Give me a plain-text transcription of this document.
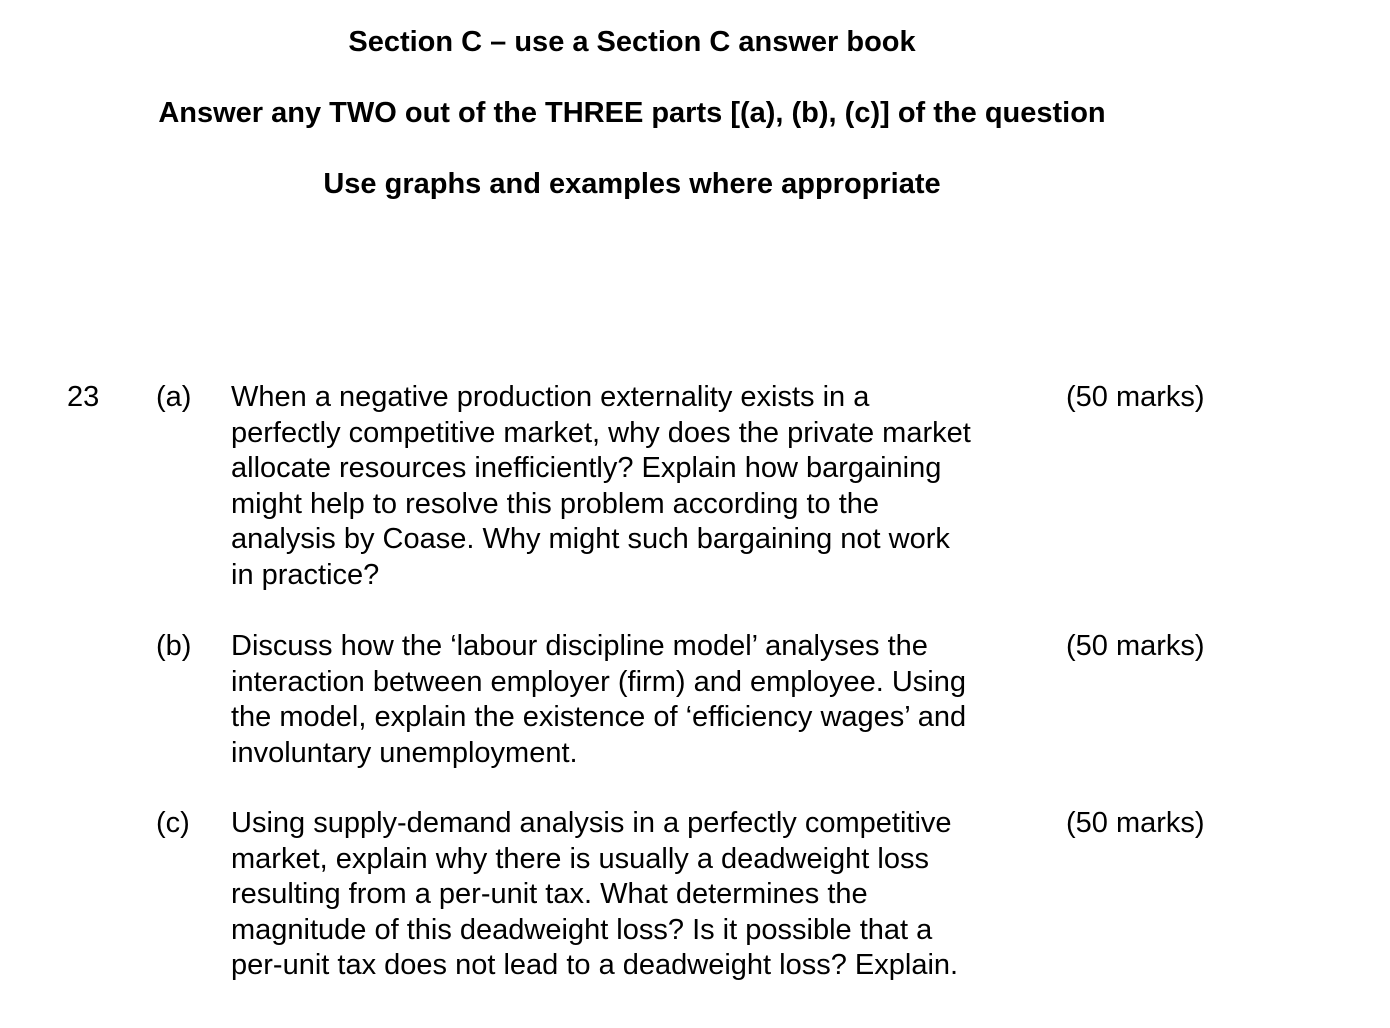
Section C – use a Section C answer book
Answer any TWO out of the THREE parts [(a), (b), (c)] of the question
Use graphs and examples where appropriate
23 (a) When a negative production externality exists in a
perfectly competitive market, why does the private market
allocate resources inefficiently? Explain how bargaining
might help to resolve this problem according to the
analysis by Coase. Why might such bargaining not work
in practice?
(50 marks)
(b) Discuss how the ‘labour discipline model’ analyses the
interaction between employer (firm) and employee. Using
the model, explain the existence of ‘efficiency wages’ and
involuntary unemployment.
(50 marks)
(c) Using supply-demand analysis in a perfectly competitive
market, explain why there is usually a deadweight loss
resulting from a per-unit tax. What determines the
magnitude of this deadweight loss? Is it possible that a
per-unit tax does not lead to a deadweight loss? Explain.
(50 marks)
